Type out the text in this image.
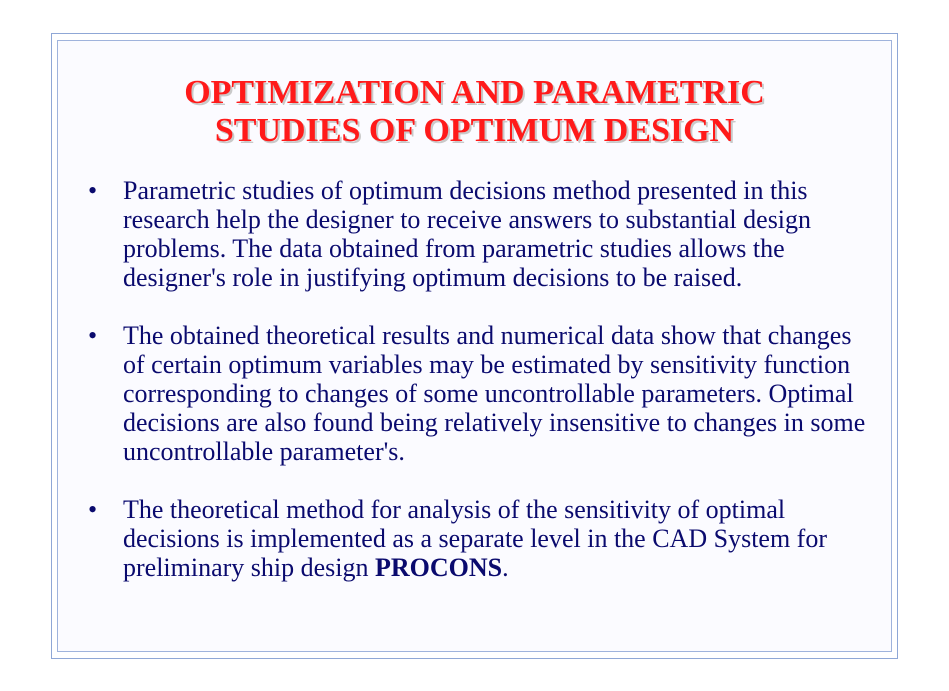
OPTIMIZATION AND PARAMETRIC
STUDIES OF OPTIMUM DESIGN
• Parametric studies of optimum decisions method presented in this research help the designer to receive answers to substantial design problems. The data obtained from parametric studies allows the designer's role in justifying optimum decisions to be raised.
• The obtained theoretical results and numerical data show that changes of certain optimum variables may be estimated by sensitivity function corresponding to changes of some uncontrollable parameters. Optimal decisions are also found being relatively insensitive to changes in some uncontrollable parameter's.
• The theoretical method for analysis of the sensitivity of optimal decisions is implemented as a separate level in the CAD System for preliminary ship design PROCONS.
